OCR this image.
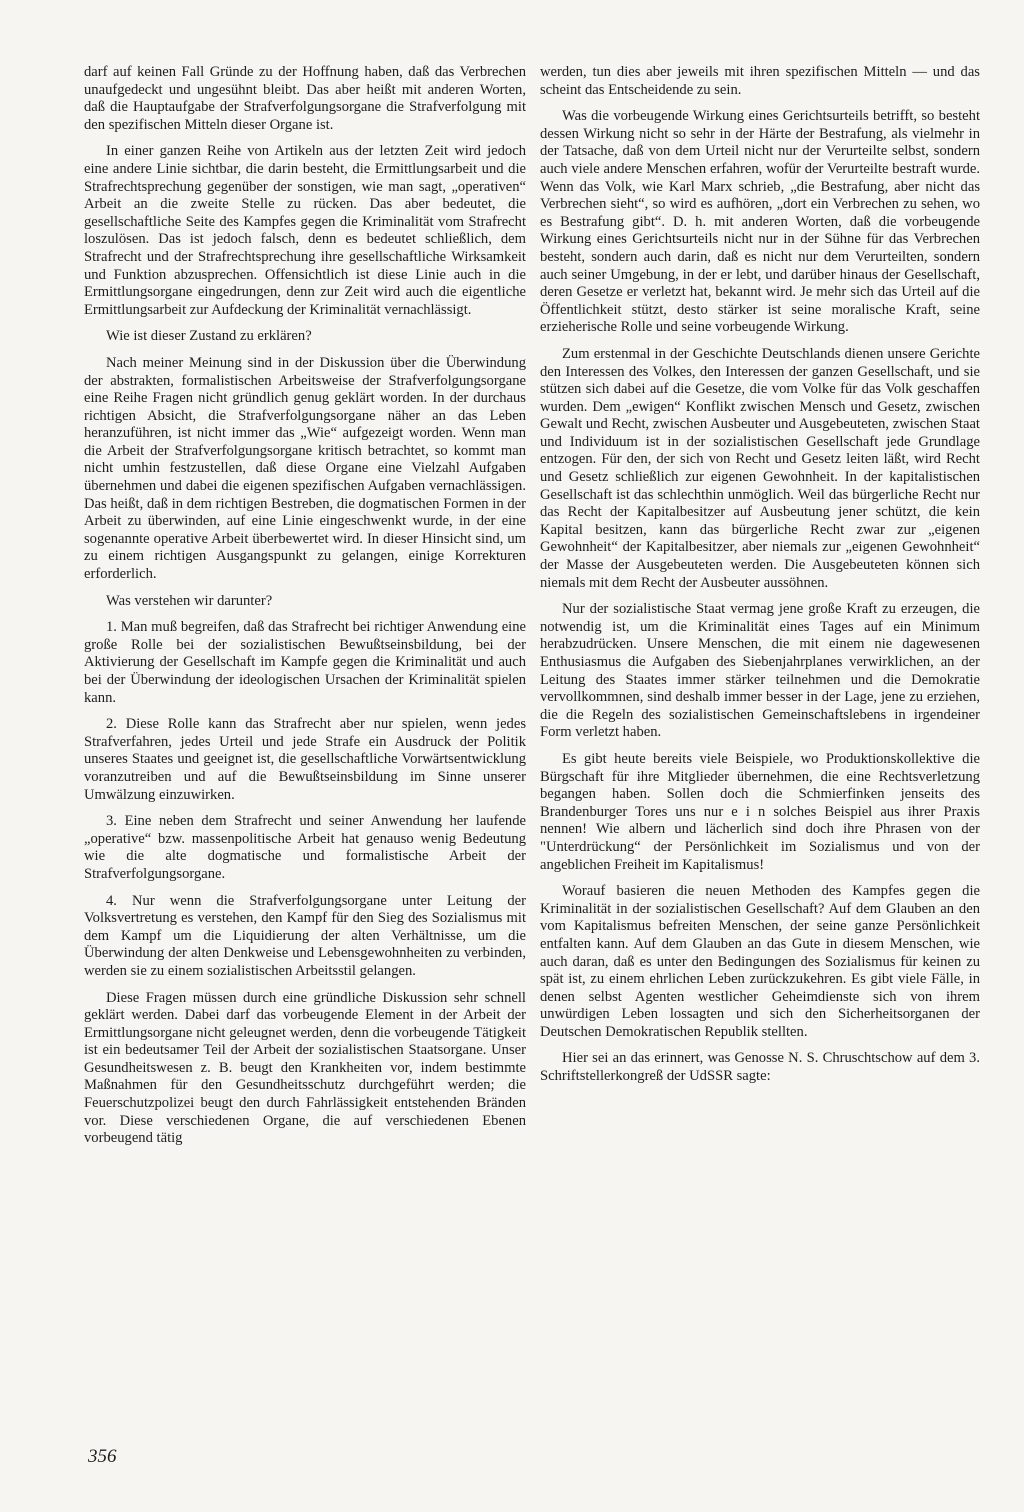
darf auf keinen Fall Gründe zu der Hoffnung haben, daß das Verbrechen unaufgedeckt und ungesühnt bleibt. Das aber heißt mit anderen Worten, daß die Hauptaufgabe der Strafverfolgungsorgane die Strafverfolgung mit den spezifischen Mitteln dieser Organe ist.

In einer ganzen Reihe von Artikeln aus der letzten Zeit wird jedoch eine andere Linie sichtbar, die darin besteht, die Ermittlungsarbeit und die Strafrechtsprechung gegenüber der sonstigen, wie man sagt, „operativen“ Arbeit an die zweite Stelle zu rücken. Das aber bedeutet, die gesellschaftliche Seite des Kampfes gegen die Kriminalität vom Strafrecht loszulösen. Das ist jedoch falsch, denn es bedeutet schließlich, dem Strafrecht und der Strafrechtsprechung ihre gesellschaftliche Wirksamkeit und Funktion abzusprechen. Offensichtlich ist diese Linie auch in die Ermittlungsorgane eingedrungen, denn zur Zeit wird auch die eigentliche Ermittlungsarbeit zur Aufdeckung der Kriminalität vernachlässigt.

Wie ist dieser Zustand zu erklären?

Nach meiner Meinung sind in der Diskussion über die Überwindung der abstrakten, formalistischen Arbeitsweise der Strafverfolgungsorgane eine Reihe Fragen nicht gründlich genug geklärt worden. In der durchaus richtigen Absicht, die Strafverfolgungsorgane näher an das Leben heranzuführen, ist nicht immer das „Wie“ aufgezeigt worden. Wenn man die Arbeit der Strafverfolgungsorgane kritisch betrachtet, so kommt man nicht umhin festzustellen, daß diese Organe eine Vielzahl Aufgaben übernehmen und dabei die eigenen spezifischen Aufgaben vernachlässigen. Das heißt, daß in dem richtigen Bestreben, die dogmatischen Formen in der Arbeit zu überwinden, auf eine Linie eingeschwenkt wurde, in der eine sogenannte operative Arbeit überbewertet wird. In dieser Hinsicht sind, um zu einem richtigen Ausgangspunkt zu gelangen, einige Korrekturen erforderlich.

Was verstehen wir darunter?

1. Man muß begreifen, daß das Strafrecht bei richtiger Anwendung eine große Rolle bei der sozialistischen Bewußtseinsbildung, bei der Aktivierung der Gesellschaft im Kampfe gegen die Kriminalität und auch bei der Überwindung der ideologischen Ursachen der Kriminalität spielen kann.

2. Diese Rolle kann das Strafrecht aber nur spielen, wenn jedes Strafverfahren, jedes Urteil und jede Strafe ein Ausdruck der Politik unseres Staates und geeignet ist, die gesellschaftliche Vorwärtsentwicklung voranzutreiben und auf die Bewußtseinsbildung im Sinne unserer Umwälzung einzuwirken.

3. Eine neben dem Strafrecht und seiner Anwendung her laufende „operative“ bzw. massenpolitische Arbeit hat genauso wenig Bedeutung wie die alte dogmatische und formalistische Arbeit der Strafverfolgungsorgane.

4. Nur wenn die Strafverfolgungsorgane unter Leitung der Volksvertretung es verstehen, den Kampf für den Sieg des Sozialismus mit dem Kampf um die Liquidierung der alten Verhältnisse, um die Überwindung der alten Denkweise und Lebensgewohnheiten zu verbinden, werden sie zu einem sozialistischen Arbeitsstil gelangen.

Diese Fragen müssen durch eine gründliche Diskussion sehr schnell geklärt werden. Dabei darf das vorbeugende Element in der Arbeit der Ermittlungsorgane nicht geleugnet werden, denn die vorbeugende Tätigkeit ist ein bedeutsamer Teil der Arbeit der sozialistischen Staatsorgane. Unser Gesundheitswesen z. B. beugt den Krankheiten vor, indem bestimmte Maßnahmen für den Gesundheitsschutz durchgeführt werden; die Feuerschutzpolizei beugt den durch Fahrlässigkeit entstehenden Bränden vor. Diese verschiedenen Organe, die auf verschiedenen Ebenen vorbeugend tätig

werden, tun dies aber jeweils mit ihren spezifischen Mitteln — und das scheint das Entscheidende zu sein.

Was die vorbeugende Wirkung eines Gerichtsurteils betrifft, so besteht dessen Wirkung nicht so sehr in der Härte der Bestrafung, als vielmehr in der Tatsache, daß von dem Urteil nicht nur der Verurteilte selbst, sondern auch viele andere Menschen erfahren, wofür der Verurteilte bestraft wurde. Wenn das Volk, wie Karl Marx schrieb, „die Bestrafung, aber nicht das Verbrechen sieht“, so wird es aufhören, „dort ein Verbrechen zu sehen, wo es Bestrafung gibt“. D. h. mit anderen Worten, daß die vorbeugende Wirkung eines Gerichtsurteils nicht nur in der Sühne für das Verbrechen besteht, sondern auch darin, daß es nicht nur dem Verurteilten, sondern auch seiner Umgebung, in der er lebt, und darüber hinaus der Gesellschaft, deren Gesetze er verletzt hat, bekannt wird. Je mehr sich das Urteil auf die Öffentlichkeit stützt, desto stärker ist seine moralische Kraft, seine erzieherische Rolle und seine vorbeugende Wirkung.

Zum erstenmal in der Geschichte Deutschlands dienen unsere Gerichte den Interessen des Volkes, den Interessen der ganzen Gesellschaft, und sie stützen sich dabei auf die Gesetze, die vom Volke für das Volk geschaffen wurden. Dem „ewigen“ Konflikt zwischen Mensch und Gesetz, zwischen Gewalt und Recht, zwischen Ausbeuter und Ausgebeuteten, zwischen Staat und Individuum ist in der sozialistischen Gesellschaft jede Grundlage entzogen. Für den, der sich von Recht und Gesetz leiten läßt, wird Recht und Gesetz schließlich zur eigenen Gewohnheit. In der kapitalistischen Gesellschaft ist das schlechthin unmöglich. Weil das bürgerliche Recht nur das Recht der Kapitalbesitzer auf Ausbeutung jener schützt, die kein Kapital besitzen, kann das bürgerliche Recht zwar zur „eigenen Gewohnheit“ der Kapitalbesitzer, aber niemals zur „eigenen Gewohnheit“ der Masse der Ausgebeuteten werden. Die Ausgebeuteten können sich niemals mit dem Recht der Ausbeuter aussöhnen.

Nur der sozialistische Staat vermag jene große Kraft zu erzeugen, die notwendig ist, um die Kriminalität eines Tages auf ein Minimum herabzudrücken. Unsere Menschen, die mit einem nie dagewesenen Enthusiasmus die Aufgaben des Siebenjahrplanes verwirklichen, an der Leitung des Staates immer stärker teilnehmen und die Demokratie vervollkommnen, sind deshalb immer besser in der Lage, jene zu erziehen, die die Regeln des sozialistischen Gemeinschaftslebens in irgendeiner Form verletzt haben.

Es gibt heute bereits viele Beispiele, wo Produktionskollektive die Bürgschaft für ihre Mitglieder übernehmen, die eine Rechtsverletzung begangen haben. Sollen doch die Schmierfinken jenseits des Brandenburger Tores uns nur e i n solches Beispiel aus ihrer Praxis nennen! Wie albern und lächerlich sind doch ihre Phrasen von der "Unterdrückung“ der Persönlichkeit im Sozialismus und von der angeblichen Freiheit im Kapitalismus!

Worauf basieren die neuen Methoden des Kampfes gegen die Kriminalität in der sozialistischen Gesellschaft? Auf dem Glauben an den vom Kapitalismus befreiten Menschen, der seine ganze Persönlichkeit entfalten kann. Auf dem Glauben an das Gute in diesem Menschen, wie auch daran, daß es unter den Bedingungen des Sozialismus für keinen zu spät ist, zu einem ehrlichen Leben zurückzukehren. Es gibt viele Fälle, in denen selbst Agenten westlicher Geheimdienste sich von ihrem unwürdigen Leben lossagten und sich den Sicherheitsorganen der Deutschen Demokratischen Republik stellten.

Hier sei an das erinnert, was Genosse N. S. Chruschtschow auf dem 3. Schriftstellerkongreß der UdSSR sagte:

356
